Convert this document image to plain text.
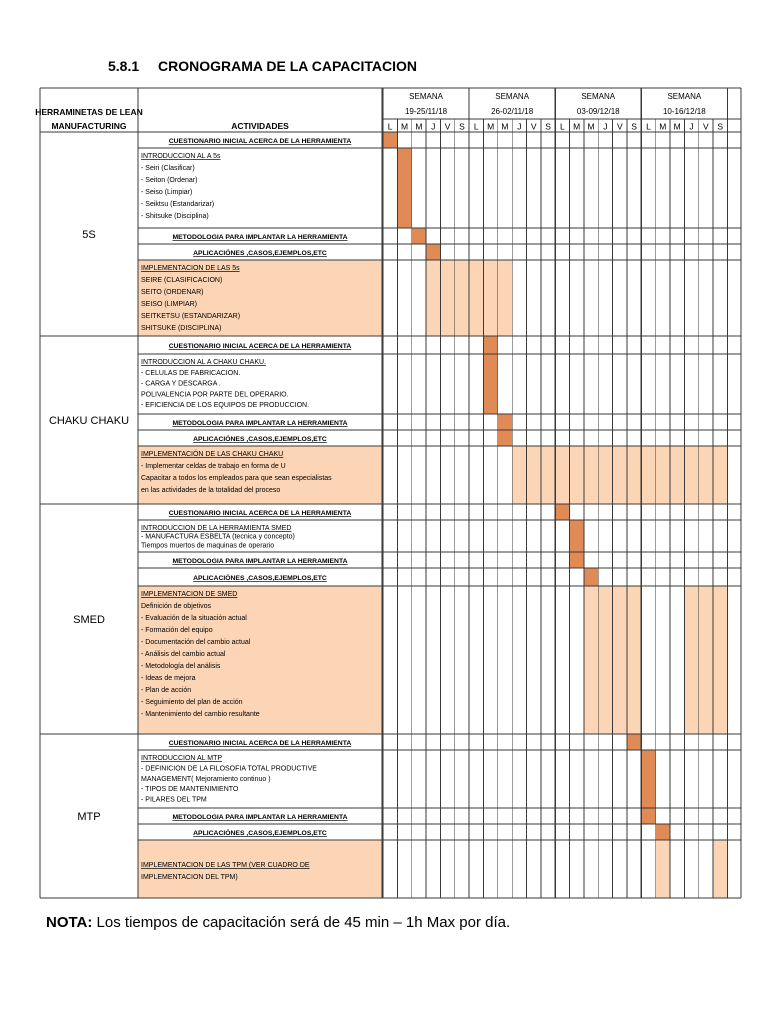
5.8.1 CRONOGRAMA DE LA CAPACITACION
HERRAMINETAS DE LEAN
MANUFACTURING	ACTIVIDADES
SEMANA
19-25/11/18
L M M J V S
SEMANA
26-02/11/18
L M M J V S
SEMANA
03-09/12/18
L M M J V S
SEMANA
10-16/12/18
L M M J V S
5S
CHAKU CHAKU
SMED
MTP
CUESTIONARIO INICIAL ACERCA DE LA HERRAMIENTA
INTRODUCCION AL A 5s
- Seiri (Clasificar)
- Seiton (Ordenar)
- Seiso (Limpiar)
- Seiktsu (Estandarizar)
- Shitsuke (Disciplina)
METODOLOGIA PARA IMPLANTAR LA HERRAMIENTA
APLICACIÓNES ,CASOS,EJEMPLOS,ETC
IMPLEMENTACION DE LAS 5s
SEIRE (CLASIFICACION)
SEITO (ORDENAR)
SEISO (LIMPIAR)
SEITKETSU (ESTANDARIZAR)
SHITSUKE (DISCIPLINA)
CUESTIONARIO INICIAL ACERCA DE LA HERRAMIENTA
INTRODUCCION AL A CHAKU CHAKU.
- CELULAS DE FABRICACION.
- CARGA Y DESCARGA .
POLIVALENCIA POR PARTE DEL OPERARIO.
- EFICIENCIA DE LOS EQUIPOS DE PRODUCCION.
METODOLOGIA PARA IMPLANTAR LA HERRAMIENTA
APLICACIÓNES ,CASOS,EJEMPLOS,ETC
IMPLEMENTACIÓN DE LAS CHAKU CHAKU
- Implementar celdas de trabajo en forma de U
Capacitar a todos los empleados para que sean especialistas
en las actividades de la totalidad del proceso
CUESTIONARIO INICIAL ACERCA DE LA HERRAMIENTA
INTRODUCCION DE LA HERRAMIENTA SMED
- MANUFACTURA ESBELTA (tecnica y concepto)
Tiempos muertos de maquinas de operario
METODOLOGIA PARA IMPLANTAR LA HERRAMIENTA
APLICACIÓNES ,CASOS,EJEMPLOS,ETC
IMPLEMENTACION DE SMED
Definición de objetivos
- Evaluación de la situación actual
- Formación del equipo
- Documentación del cambio actual
- Análisis del cambio actual
- Metodología del análisis
- Ideas de mejora
- Plan de acción
- Seguimiento del plan de acción
- Mantenimiento del cambio resultante
CUESTIONARIO INICIAL ACERCA DE LA HERRAMIENTA
INTRODUCCION AL MTP
- DEFINICION DE LA FILOSOFIA TOTAL PRODUCTIVE
MANAGEMENT( Mejoramiento continuo )
- TIPOS DE MANTENIMIENTO
- PILARES DEL TPM
METODOLOGIA PARA IMPLANTAR LA HERRAMIENTA
APLICACIÓNES ,CASOS,EJEMPLOS,ETC
IMPLEMENTACION DE LAS TPM (VER CUADRO DE
IMPLEMENTACION DEL TPM)
NOTA: Los tiempos de capacitación será de 45 min – 1h Max por día.
